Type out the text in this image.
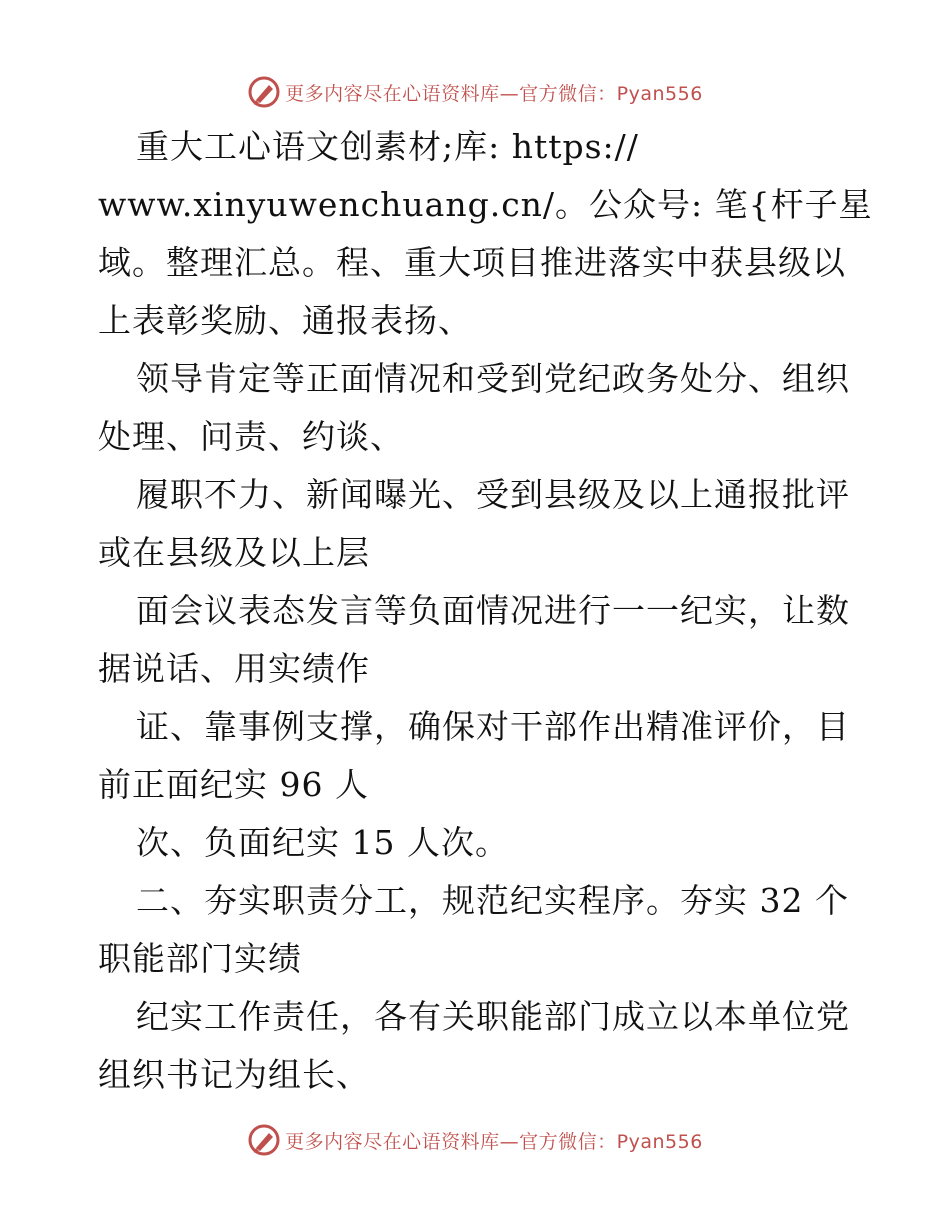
更多内容尽在心语资料库—官方微信：Pyan556
重大工心语文创素材;库: https://
www.xinyuwenchuang.cn/。公众号: 笔{杆子星
域。整理汇总。程、重大项目推进落实中获县级以
上表彰奖励、通报表扬、
领导肯定等正面情况和受到党纪政务处分、组织
处理、问责、约谈、
履职不力、新闻曝光、受到县级及以上通报批评
或在县级及以上层
面会议表态发言等负面情况进行一一纪实，让数
据说话、用实绩作
证、靠事例支撑，确保对干部作出精准评价，目
前正面纪实 96 人
次、负面纪实 15 人次。
二、夯实职责分工，规范纪实程序。夯实 32 个
职能部门实绩
纪实工作责任，各有关职能部门成立以本单位党
组织书记为组长、
更多内容尽在心语资料库—官方微信：Pyan556
